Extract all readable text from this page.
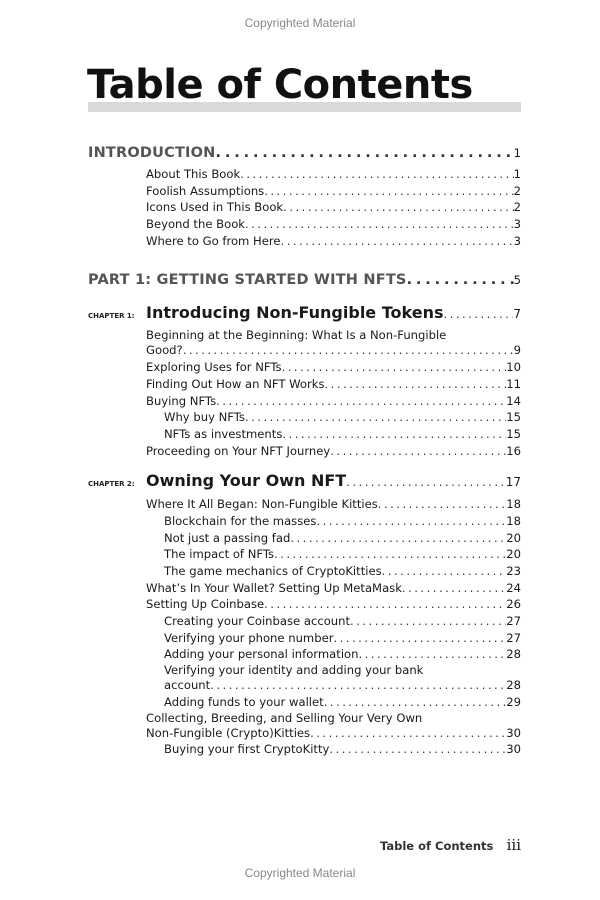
Copyrighted Material
Table of Contents
INTRODUCTION . . .	1
About This Book . . .	1
Foolish Assumptions . . .	2
Icons Used in This Book . . .	2
Beyond the Book . . .	3
Where to Go from Here . . .	3
PART 1: GETTING STARTED WITH NFTS . . .	5
CHAPTER 1: Introducing Non-Fungible Tokens . . .	7
Beginning at the Beginning: What Is a Non-Fungible
Good? . . .	9
Exploring Uses for NFTs . . .	10
Finding Out How an NFT Works . . .	11
Buying NFTs . . .	14
Why buy NFTs . . .	15
NFTs as investments . . .	15
Proceeding on Your NFT Journey . . .	16
CHAPTER 2: Owning Your Own NFT . . .	17
Where It All Began: Non-Fungible Kitties . . .	18
Blockchain for the masses . . .	18
Not just a passing fad . . .	20
The impact of NFTs . . .	20
The game mechanics of CryptoKitties . . .	23
What’s In Your Wallet? Setting Up MetaMask . . .	24
Setting Up Coinbase . . .	26
Creating your Coinbase account . . .	27
Verifying your phone number . . .	27
Adding your personal information . . .	28
Verifying your identity and adding your bank
account . . .	28
Adding funds to your wallet . . .	29
Collecting, Breeding, and Selling Your Very Own
Non-Fungible (Crypto)Kitties . . .	30
Buying your first CryptoKitty . . .	30
Table of Contents iii
Copyrighted Material
